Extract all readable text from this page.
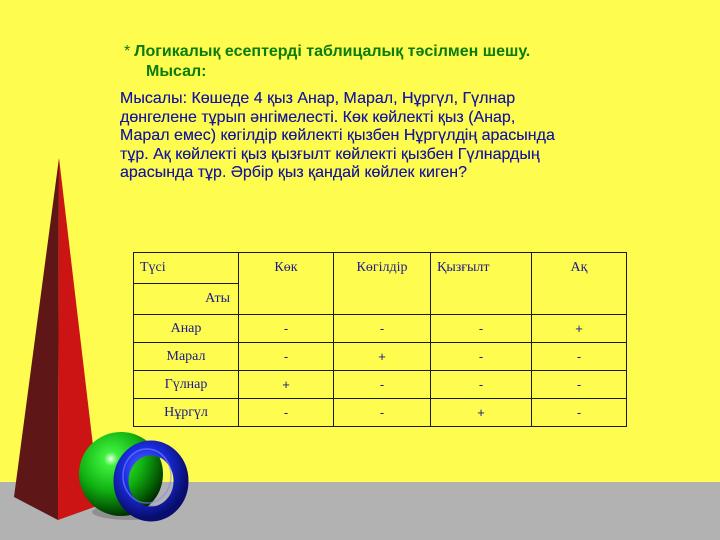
* Логикалық есептерді таблицалық тәсілмен шешу.
Мысал:
Мысалы: Көшеде 4 қыз Анар, Марал, Нұргүл, Гүлнар
дөнгелене тұрып әнгімелесті. Көк көйлекті қыз (Анар,
Марал емес) көгілдір көйлекті қызбен Нұргүлдің арасында
тұр. Ақ көйлекті қыз қызғылт көйлекті қызбен Гүлнардың
арасында тұр. Әрбір қыз қандай көйлек киген?
Түсі	Көк	Көгілдір	Қызғылт	Ақ
Аты				
Анар	-	-	-	+
Марал	-	+	-	-
Гүлнар	+	-	-	-
Нұргүл	-	-	+	-
